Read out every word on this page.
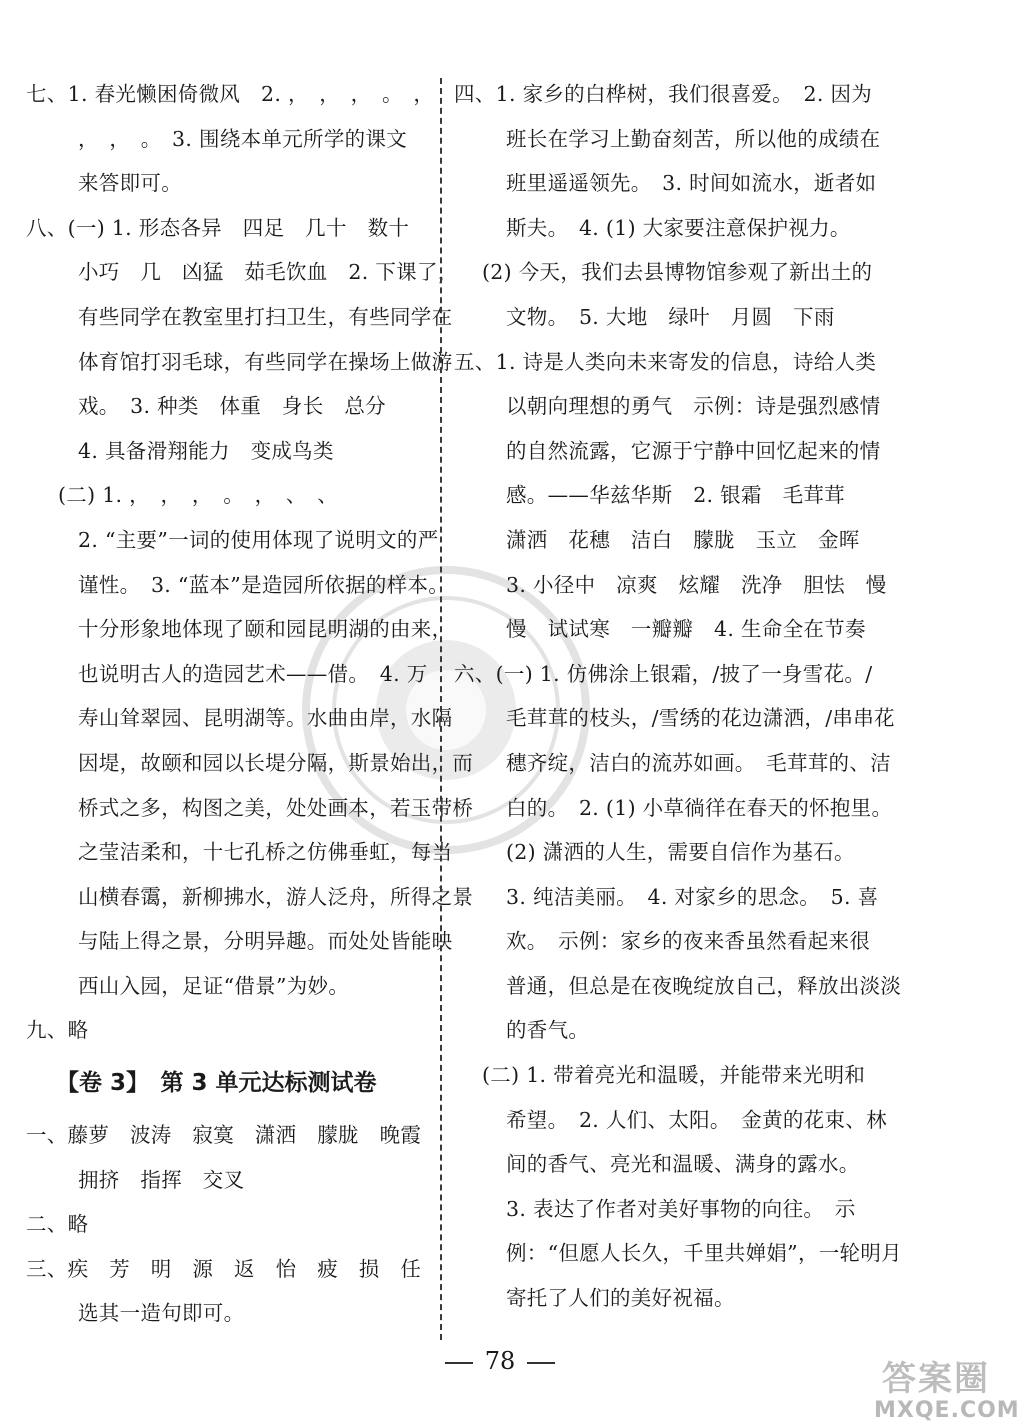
七、1. 春光懒困倚微风　2. ，　，　，　。　，
，　，　。　3. 围绕本单元所学的课文
来答即可。
八、(一) 1. 形态各异　四足　几十　数十
小巧　几　凶猛　茹毛饮血　2. 下课了，
有些同学在教室里打扫卫生，有些同学在
体育馆打羽毛球，有些同学在操场上做游
戏。　3. 种类　体重　身长　总分
4. 具备滑翔能力　变成鸟类
(二) 1. ，　，　，　。　，　、　、
2. “主要”一词的使用体现了说明文的严
谨性。　3. “蓝本”是造园所依据的样本。
十分形象地体现了颐和园昆明湖的由来，
也说明古人的造园艺术——借。　4. 万
寿山耸翠园、昆明湖等。水曲由岸，水隔
因堤，故颐和园以长堤分隔，斯景始出，而
桥式之多，构图之美，处处画本，若玉带桥
之莹洁柔和，十七孔桥之仿佛垂虹，每当
山横春霭，新柳拂水，游人泛舟，所得之景
与陆上得之景，分明异趣。而处处皆能映
西山入园，足证“借景”为妙。
九、略
【卷 3】　第 3 单元达标测试卷
一、藤萝　波涛　寂寞　潇洒　朦胧　晚霞
拥挤　指挥　交叉
二、略
三、疾　芳　明　源　返　怡　疲　损　任
选其一造句即可。
四、1. 家乡的白桦树，我们很喜爱。　2. 因为
班长在学习上勤奋刻苦，所以他的成绩在
班里遥遥领先。　3. 时间如流水，逝者如
斯夫。　4. (1) 大家要注意保护视力。
(2) 今天，我们去县博物馆参观了新出土的
文物。　5. 大地　绿叶　月圆　下雨
五、1. 诗是人类向未来寄发的信息，诗给人类
以朝向理想的勇气　示例：诗是强烈感情
的自然流露，它源于宁静中回忆起来的情
感。——华兹华斯　2. 银霜　毛茸茸
潇洒　花穗　洁白　朦胧　玉立　金晖
3. 小径中　凉爽　炫耀　洗净　胆怯　慢
慢　试试寒　一瓣瓣　4. 生命全在节奏
六、(一) 1. 仿佛涂上银霜，/披了一身雪花。/
毛茸茸的枝头，/雪绣的花边潇洒，/串串花
穗齐绽，洁白的流苏如画。　毛茸茸的、洁
白的。　2. (1) 小草徜徉在春天的怀抱里。
(2) 潇洒的人生，需要自信作为基石。
3. 纯洁美丽。　4. 对家乡的思念。　5. 喜
欢。　示例：家乡的夜来香虽然看起来很
普通，但总是在夜晚绽放自己，释放出淡淡
的香气。
(二) 1. 带着亮光和温暖，并能带来光明和
希望。　2. 人们、太阳。　金黄的花束、林
间的香气、亮光和温暖、满身的露水。
3. 表达了作者对美好事物的向往。　示
例：“但愿人长久，千里共婵娟”，一轮明月
寄托了人们的美好祝福。
78	答案圈
MXQE.COM
